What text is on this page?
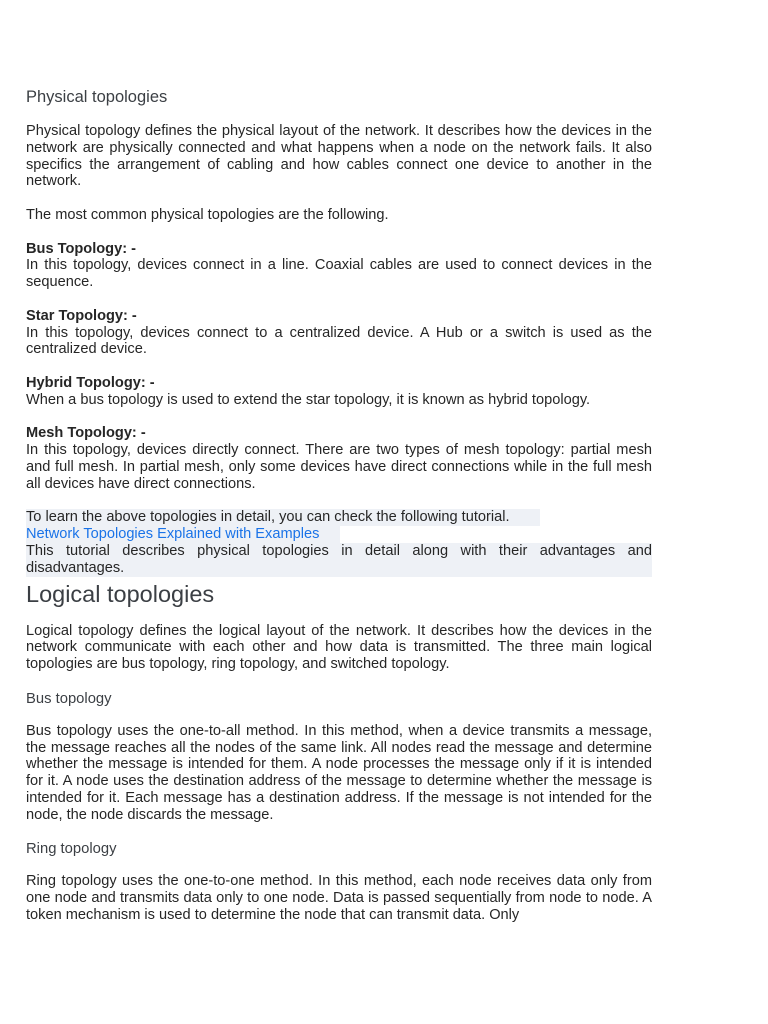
Physical topologies

Physical topology defines the physical layout of the network. It describes how the devices in the network are physically connected and what happens when a node on the network fails. It also specifics the arrangement of cabling and how cables connect one device to another in the network.

The most common physical topologies are the following.

Bus Topology: -
In this topology, devices connect in a line. Coaxial cables are used to connect devices in the sequence.

Star Topology: -
In this topology, devices connect to a centralized device. A Hub or a switch is used as the centralized device.

Hybrid Topology: -
When a bus topology is used to extend the star topology, it is known as hybrid topology.

Mesh Topology: -
In this topology, devices directly connect. There are two types of mesh topology: partial mesh and full mesh. In partial mesh, only some devices have direct connections while in the full mesh all devices have direct connections.

To learn the above topologies in detail, you can check the following tutorial.
Network Topologies Explained with Examples

This tutorial describes physical topologies in detail along with their advantages and disadvantages.

Logical topologies

Logical topology defines the logical layout of the network. It describes how the devices in the network communicate with each other and how data is transmitted. The three main logical topologies are bus topology, ring topology, and switched topology.

Bus topology

Bus topology uses the one-to-all method. In this method, when a device transmits a message, the message reaches all the nodes of the same link. All nodes read the message and determine whether the message is intended for them. A node processes the message only if it is intended for it. A node uses the destination address of the message to determine whether the message is intended for it. Each message has a destination address. If the message is not intended for the node, the node discards the message.

Ring topology

Ring topology uses the one-to-one method. In this method, each node receives data only from one node and transmits data only to one node. Data is passed sequentially from node to node. A token mechanism is used to determine the node that can transmit data. Only
